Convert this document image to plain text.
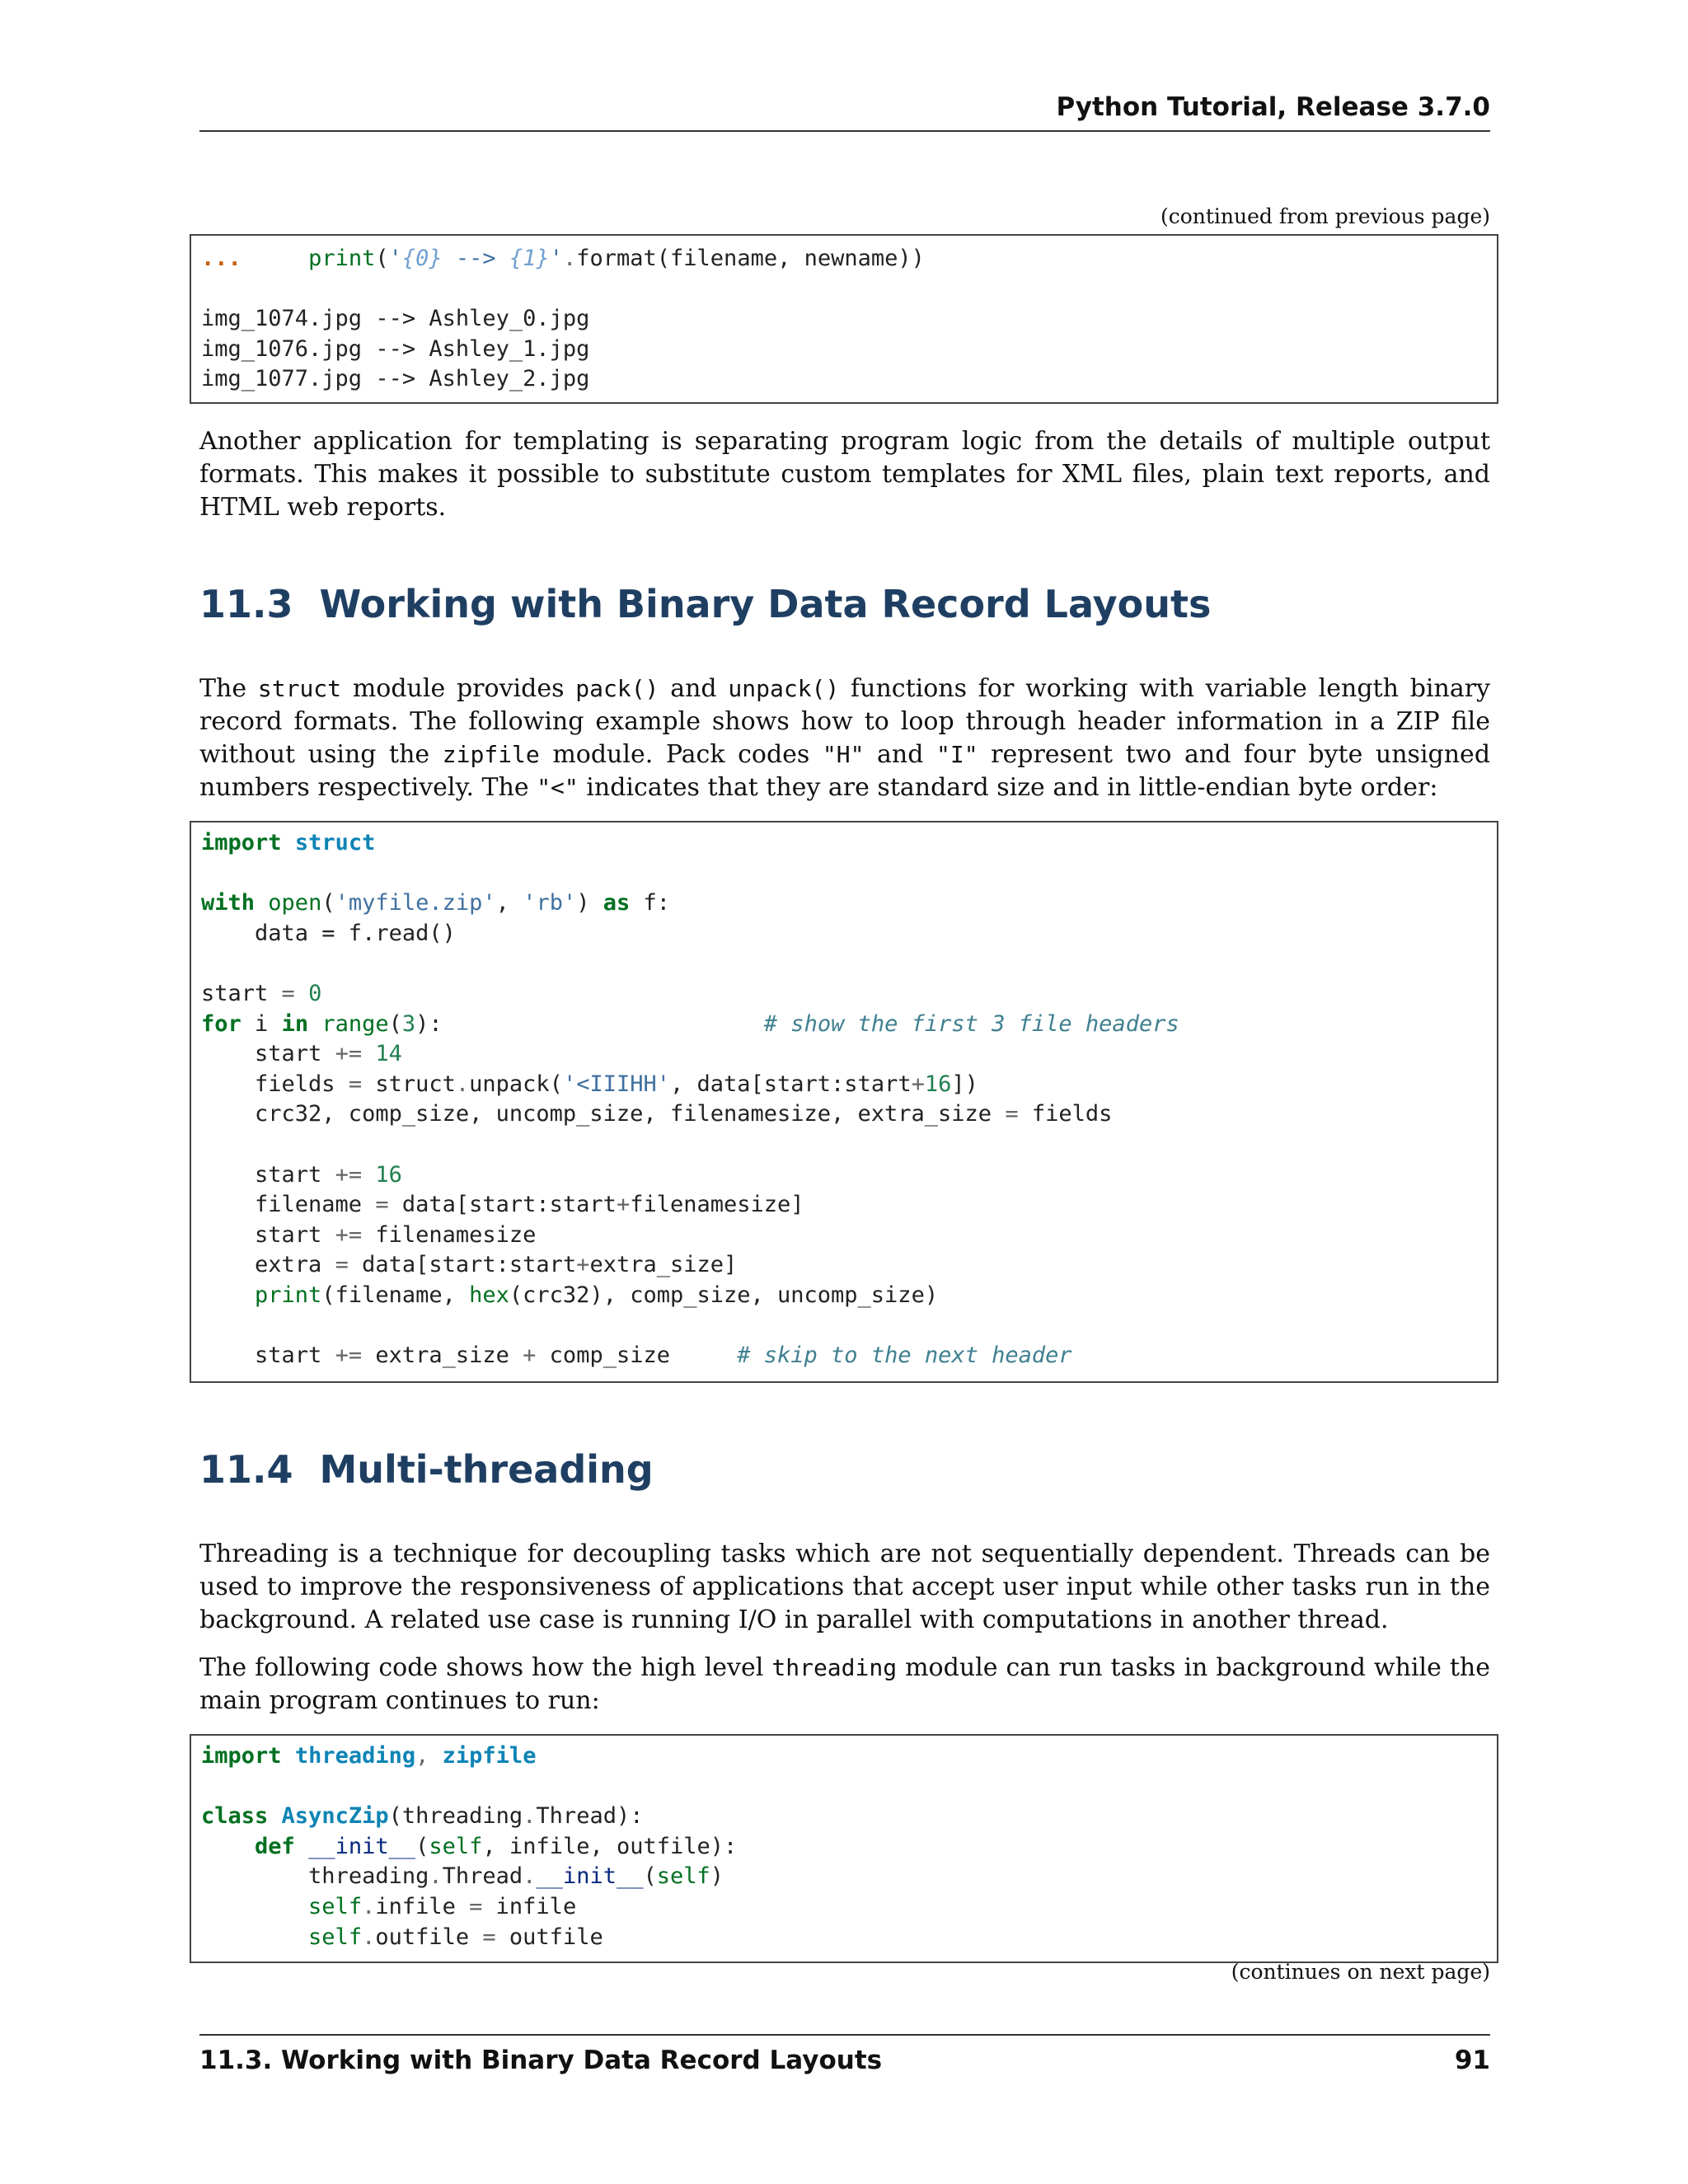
Python Tutorial, Release 3.7.0
(continued from previous page)
...	print('{0} --> {1}'.format(filename, newname))

img_1074.jpg --> Ashley_0.jpg
img_1076.jpg --> Ashley_1.jpg
img_1077.jpg --> Ashley_2.jpg
Another application for templating is separating program logic from the details of multiple output formats. This makes it possible to substitute custom templates for XML files, plain text reports, and HTML web reports.
11.3 Working with Binary Data Record Layouts
The struct module provides pack() and unpack() functions for working with variable length binary record formats. The following example shows how to loop through header information in a ZIP file without using the zipfile module. Pack codes "H" and "I" represent two and four byte unsigned numbers respectively. The "<" indicates that they are standard size and in little-endian byte order:
import struct

with open('myfile.zip', 'rb') as f:
data = f.read()

start = 0
for i in range(3):                        # show the first 3 file headers
start += 14
fields = struct.unpack('<IIIHH', data[start:start+16])
crc32, comp_size, uncomp_size, filenamesize, extra_size = fields

start += 16
filename = data[start:start+filenamesize]
start += filenamesize
extra = data[start:start+extra_size]
print(filename, hex(crc32), comp_size, uncomp_size)

start += extra_size + comp_size	# skip to the next header
11.4 Multi-threading
Threading is a technique for decoupling tasks which are not sequentially dependent. Threads can be used to improve the responsiveness of applications that accept user input while other tasks run in the background. A related use case is running I/O in parallel with computations in another thread.
The following code shows how the high level threading module can run tasks in background while the main program continues to run:
import threading, zipfile

class AsyncZip(threading.Thread):
def __init__(self, infile, outfile):
threading.Thread.__init__(self)
self.infile = infile
self.outfile = outfile
(continues on next page)
11.3. Working with Binary Data Record Layouts	91
